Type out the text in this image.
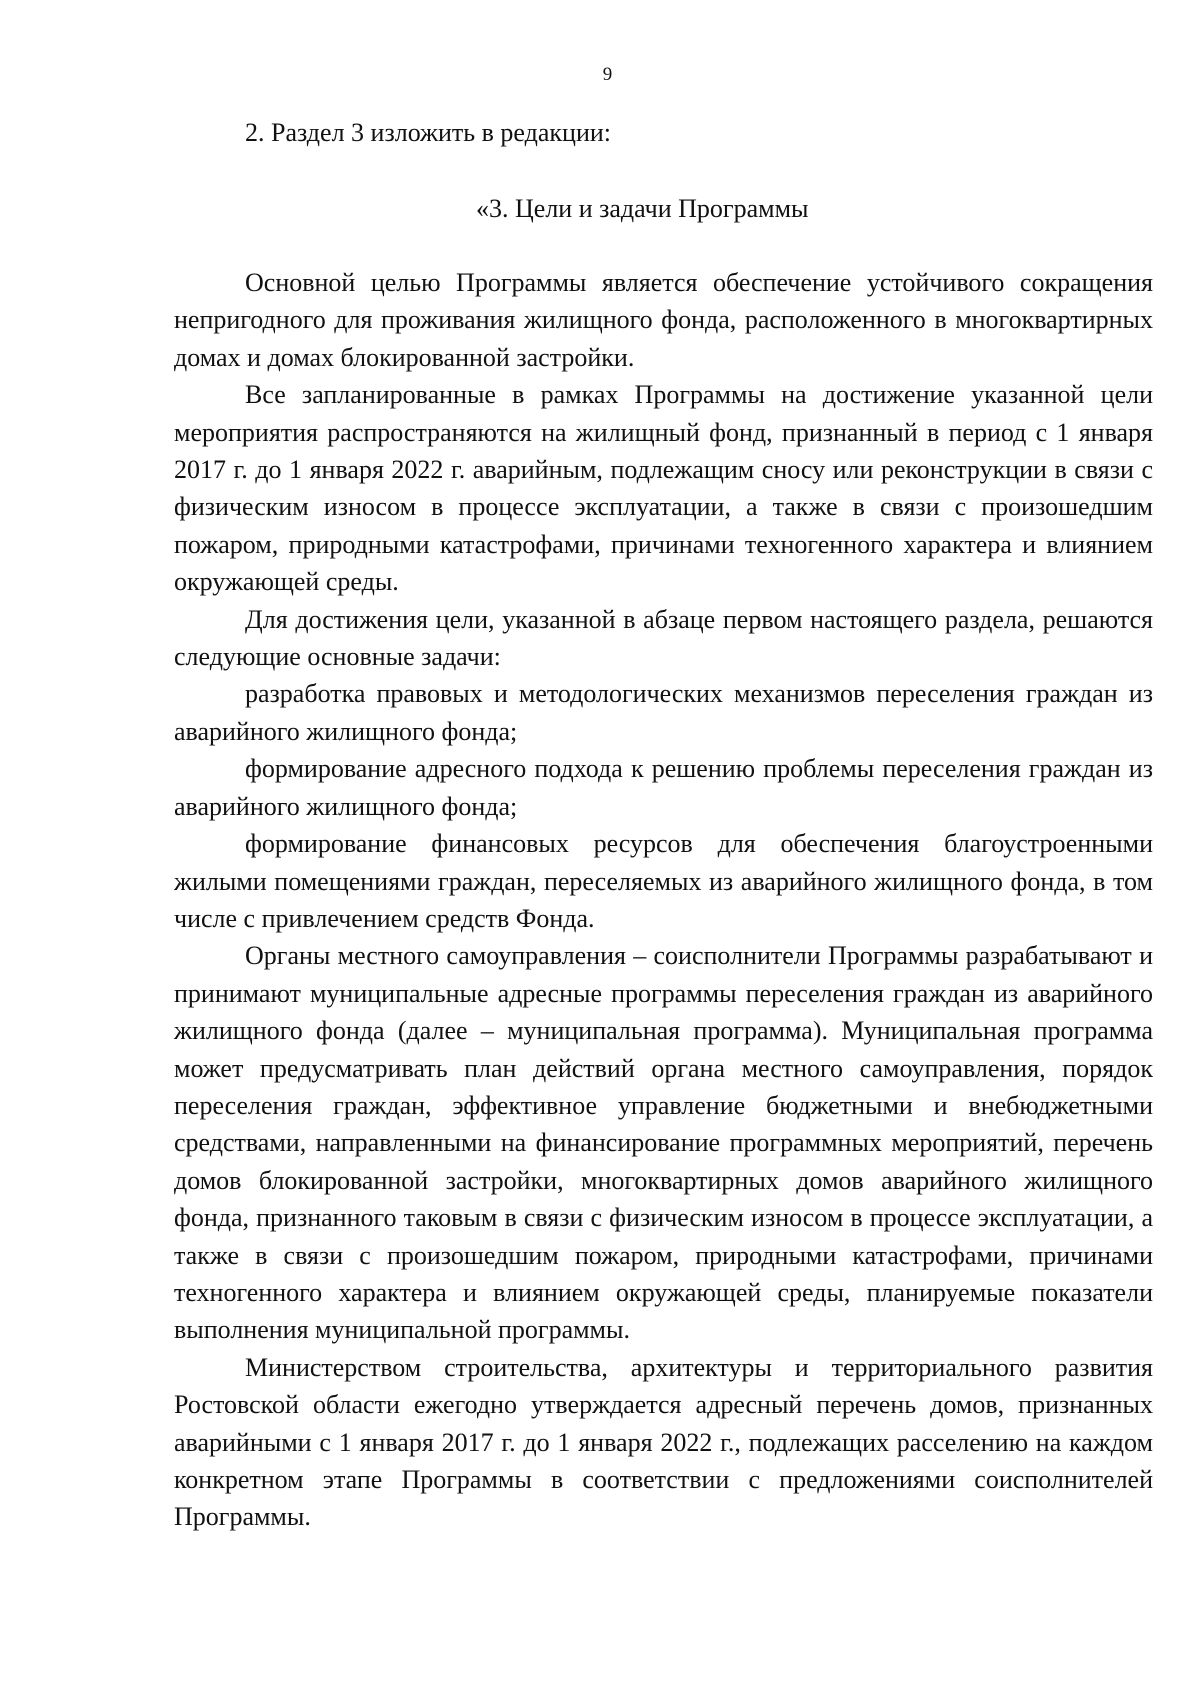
9
2. Раздел 3 изложить в редакции:
«3. Цели и задачи Программы

Основной целью Программы является обеспечение устойчивого сокращения непригодного для проживания жилищного фонда, расположенного в многоквартирных домах и домах блокированной застройки.

Все запланированные в рамках Программы на достижение указанной цели мероприятия распространяются на жилищный фонд, признанный в период с 1 января 2017 г. до 1 января 2022 г. аварийным, подлежащим сносу или реконструкции в связи с физическим износом в процессе эксплуатации, а также в связи с произошедшим пожаром, природными катастрофами, причинами техногенного характера и влиянием окружающей среды.

Для достижения цели, указанной в абзаце первом настоящего раздела, решаются следующие основные задачи:

разработка правовых и методологических механизмов переселения граждан из аварийного жилищного фонда;

формирование адресного подхода к решению проблемы переселения граждан из аварийного жилищного фонда;

формирование финансовых ресурсов для обеспечения благоустроенными жилыми помещениями граждан, переселяемых из аварийного жилищного фонда, в том числе с привлечением средств Фонда.

Органы местного самоуправления – соисполнители Программы разрабатывают и принимают муниципальные адресные программы переселения граждан из аварийного жилищного фонда (далее – муниципальная программа). Муниципальная программа может предусматривать план действий органа местного самоуправления, порядок переселения граждан, эффективное управление бюджетными и внебюджетными средствами, направленными на финансирование программных мероприятий, перечень домов блокированной застройки, многоквартирных домов аварийного жилищного фонда, признанного таковым в связи с физическим износом в процессе эксплуатации, а также в связи с произошедшим пожаром, природными катастрофами, причинами техногенного характера и влиянием окружающей среды, планируемые показатели выполнения муниципальной программы.

Министерством строительства, архитектуры и территориального развития Ростовской области ежегодно утверждается адресный перечень домов, признанных аварийными с 1 января 2017 г. до 1 января 2022 г., подлежащих расселению на каждом конкретном этапе Программы в соответствии с предложениями соисполнителей Программы.
